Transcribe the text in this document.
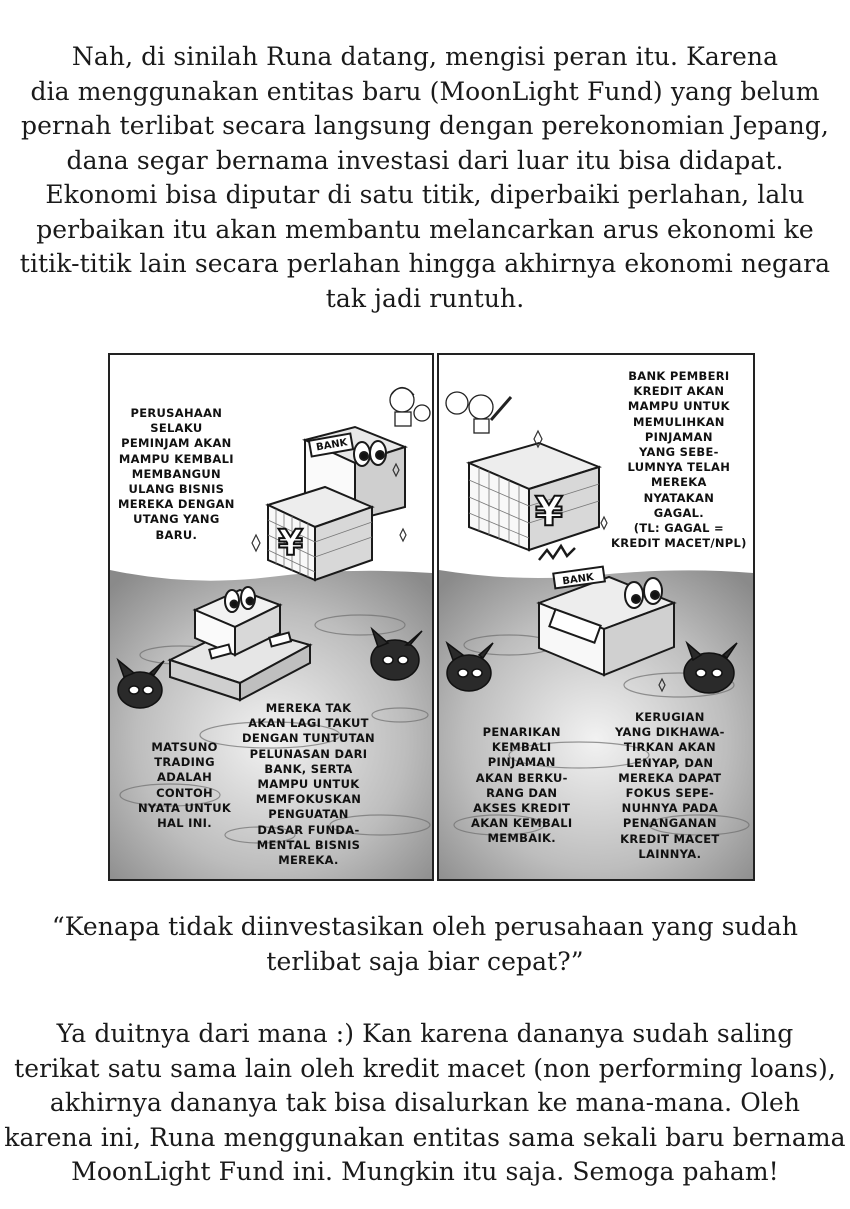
Nah, di sinilah Runa datang, mengisi peran itu. Karena
dia menggunakan entitas baru (MoonLight Fund) yang belum
pernah terlibat secara langsung dengan perekonomian Jepang,
dana segar bernama investasi dari luar itu bisa didapat.
Ekonomi bisa diputar di satu titik, diperbaiki perlahan, lalu
perbaikan itu akan membantu melancarkan arus ekonomi ke
titik-titik lain secara perlahan hingga akhirnya ekonomi negara
tak jadi runtuh.
BANK
¥
PERUSAHAAN
SELAKU
PEMINJAM AKAN
MAMPU KEMBALI
MEMBANGUN
ULANG BISNIS
MEREKA DENGAN
UTANG YANG
BARU.
MATSUNO
TRADING
ADALAH
CONTOH
NYATA UNTUK
HAL INI.
MEREKA TAK
AKAN LAGI TAKUT
DENGAN TUNTUTAN
PELUNASAN DARI
BANK, SERTA
MAMPU UNTUK
MEMFOKUSKAN
PENGUATAN
DASAR FUNDA-
MENTAL BISNIS
MEREKA.
¥
BANK
BANK PEMBERI
KREDIT AKAN
MAMPU UNTUK
MEMULIHKAN
PINJAMAN
YANG SEBE-
LUMNYA TELAH
MEREKA
NYATAKAN
GAGAL.
(TL: GAGAL =
KREDIT MACET/NPL)
PENARIKAN
KEMBALI
PINJAMAN
AKAN BERKU-
RANG DAN
AKSES KREDIT
AKAN KEMBALI
MEMBAIK.
KERUGIAN
YANG DIKHAWA-
TIRKAN AKAN
LENYAP, DAN
MEREKA DAPAT
FOKUS SEPE-
NUHNYA PADA
PENANGANAN
KREDIT MACET
LAINNYA.
“Kenapa tidak diinvestasikan oleh perusahaan yang sudah
terlibat saja biar cepat?”
Ya duitnya dari mana :) Kan karena dananya sudah saling
terikat satu sama lain oleh kredit macet (non performing loans),
akhirnya dananya tak bisa disalurkan ke mana-mana. Oleh
karena ini, Runa menggunakan entitas sama sekali baru bernama
MoonLight Fund ini. Mungkin itu saja. Semoga paham!
